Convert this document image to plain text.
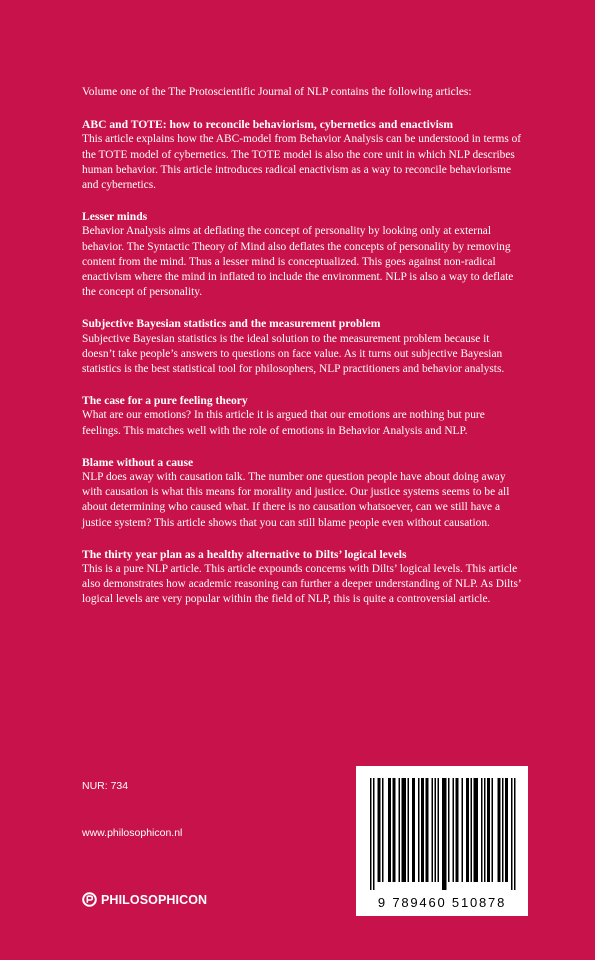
Volume one of the The Protoscientific Journal of NLP contains the following articles:

ABC and TOTE: how to reconcile behaviorism, cybernetics and enactivism

This article explains how the ABC-model from Behavior Analysis can be understood in terms of the TOTE model of cybernetics. The TOTE model is also the core unit in which NLP describes human behavior. This article introduces radical enactivism as a way to reconcile behaviorisme and cybernetics.

Lesser minds

Behavior Analysis aims at deflating the concept of personality by looking only at external behavior. The Syntactic Theory of Mind also deflates the concepts of personality by removing content from the mind. Thus a lesser mind is conceptualized. This goes against non-radical enactivism where the mind in inflated to include the environment. NLP is also a way to deflate the concept of personality.

Subjective Bayesian statistics and the measurement problem

Subjective Bayesian statistics is the ideal solution to the measurement problem because it doesn’t take people’s answers to questions on face value. As it turns out subjective Bayesian statistics is the best statistical tool for philosophers, NLP practitioners and behavior analysts.

The case for a pure feeling theory

What are our emotions? In this article it is argued that our emotions are nothing but pure feelings. This matches well with the role of emotions in Behavior Analysis and NLP.

Blame without a cause

NLP does away with causation talk. The number one question people have about doing away with causation is what this means for morality and justice. Our justice systems seems to be all about determining who caused what. If there is no causation whatsoever, can we still have a justice system? This article shows that you can still blame people even without causation.

The thirty year plan as a healthy alternative to Dilts’ logical levels

This is a pure NLP article. This article expounds concerns with Dilts’ logical levels. This article also demonstrates how academic reasoning can further a deeper understanding of NLP. As Dilts’ logical levels are very popular within the field of NLP, this is quite a controversial article.

NUR: 734
www.philosophicon.nl
PHILOSOPHICON	9 789460 510878
